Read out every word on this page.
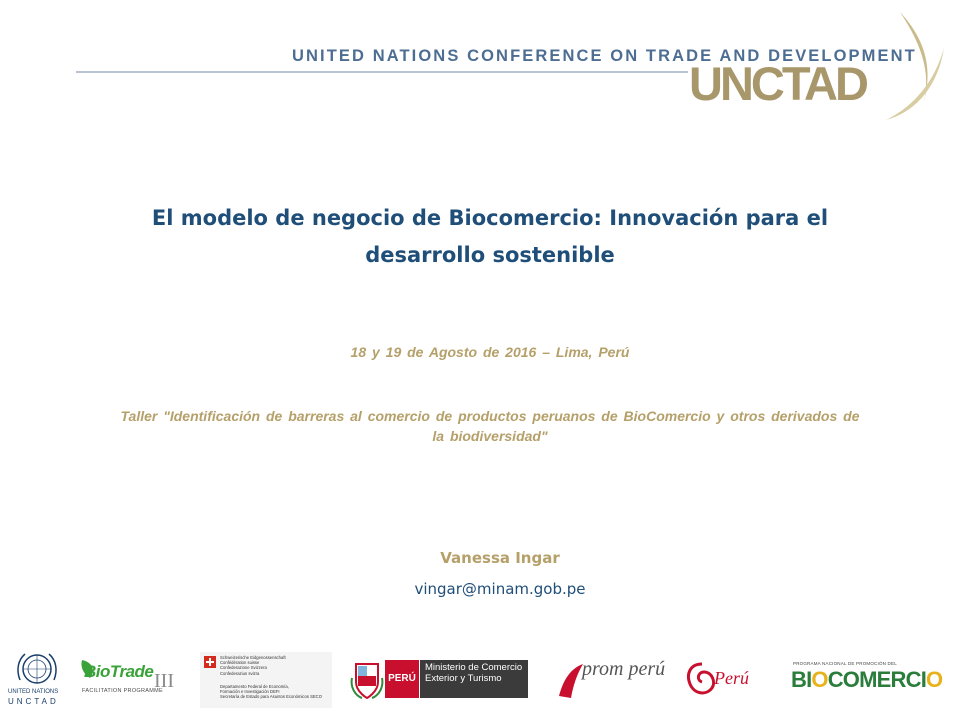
UNITED NATIONS CONFERENCE ON TRADE AND DEVELOPMENT
UNCTAD
El modelo de negocio de Biocomercio: Innovación para el desarrollo sostenible
18 y 19 de Agosto de 2016 – Lima, Perú
Taller "Identificación de barreras al comercio de productos peruanos de BioComercio y otros derivados de la biodiversidad"
Vanessa Ingar
vingar@minam.gob.pe
UNITED NATIONS
UNCTAD
BioTrade III
FACILITATION PROGRAMME
Schweizerische Eidgenossenschaft
Confédération suisse
Confederazione Svizzera
Confederaziun svizra
Departamento Federal de Economía,
Formación e Investigación DEFI
Secretaría de Estado para Asuntos Económicos SECO
PERÚ
Ministerio de Comercio Exterior y Turismo	prom perú	Perú
PROGRAMA NACIONAL DE PROMOCIÓN DEL
BIOCOMERCIO
